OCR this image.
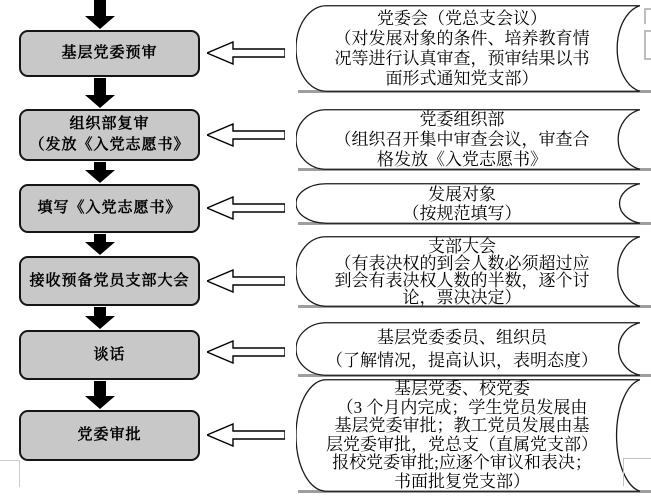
基层党委预审
组织部复审
（发放《入党志愿书》
填写《入党志愿书》
接收预备党员支部大会
谈话
党委审批
党委会（党总支会议）
（对发展对象的条件、培养教育情
况等进行认真审查，预审结果以书
面形式通知党支部）
党委组织部
（组织召开集中审查会议，审查合
格发放《入党志愿书》
发展对象
（按规范填写）
支部大会
（有表决权的到会人数必须超过应
到会有表决权人数的半数，逐个讨
论，票决决定）
基层党委委员、组织员
（了解情况，提高认识，表明态度）
基层党委、校党委
（3 个月内完成；学生党员发展由
基层党委审批；教工党员发展由基
层党委审批，党总支（直属党支部）
报校党委审批;应逐个审议和表决；
书面批复党支部）
